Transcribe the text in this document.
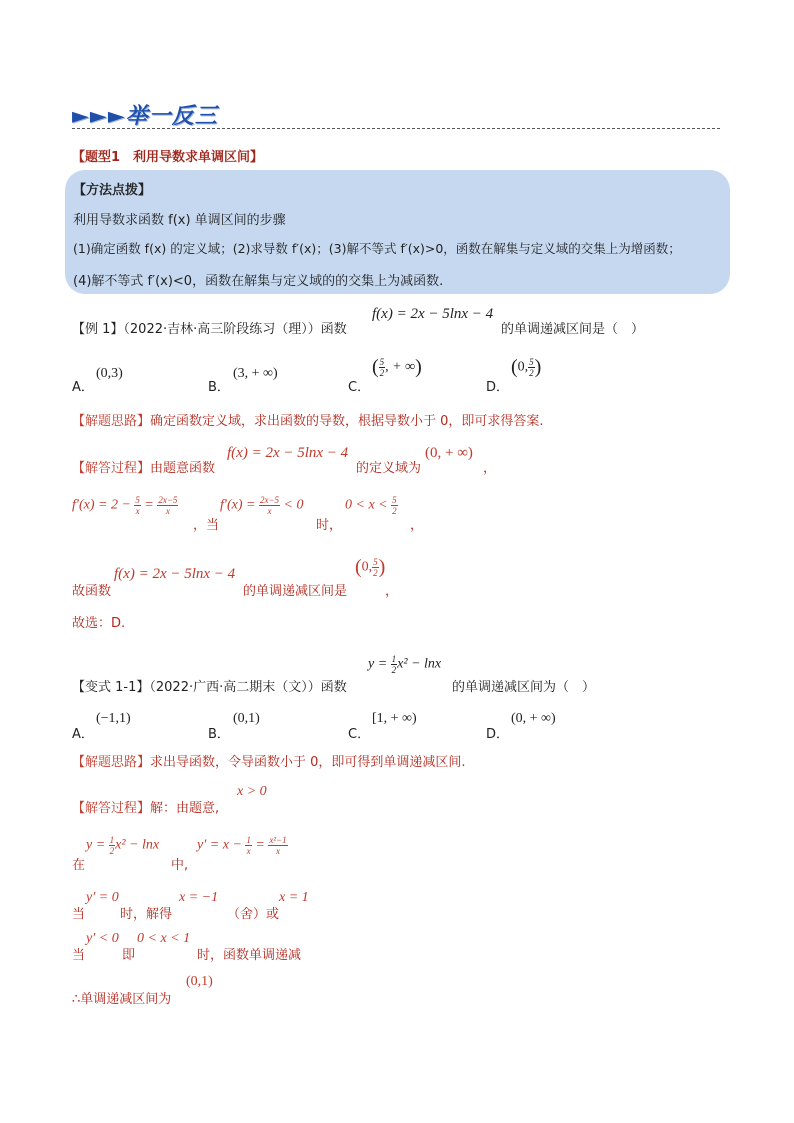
►►►举一反三
【题型1　利用导数求单调区间】
【方法点拨】
利用导数求函数 f(x) 单调区间的步骤
(1)确定函数 f(x) 的定义域；(2)求导数 f′(x)；(3)解不等式 f′(x)>0，函数在解集与定义域的交集上为增函数；
(4)解不等式 f′(x)<0，函数在解集与定义域的的交集上为减函数.
【例 1】（2022·吉林·高三阶段练习（理））函数
f(x) = 2x − 5lnx − 4
的单调递减区间是（　）
A．
(0,3)
B．
(3, + ∞)
C．
( $\frac{5}{2}$ , + ∞)
D．
(0, $\frac{5}{2}$ )
【解题思路】确定函数定义域，求出函数的导数，根据导数小于 0，即可求得答案.
【解答过程】由题意函数
f(x) = 2x − 5lnx − 4
的定义域为
(0, + ∞)
，
$f'(x) = 2 - \frac{5}{x} = \frac{2x-5}{x}$
，当
$f'(x) = \frac{2x-5}{x} < 0$
时，
$0 < x < \frac{5}{2}$
，
故函数
f(x) = 2x − 5lnx − 4
的单调递减区间是
(0, $\frac{5}{2}$ )
，
故选：D.
$y = \frac{1}{2} x^2 - \ln x$
【变式 1-1】（2022·广西·高二期末（文））函数	的单调递减区间为（　）
A．
(−1,1)
B．
(0,1)
C．
[1, + ∞)
D．
(0, + ∞)
【解题思路】求出导函数，令导函数小于 0，即可得到单调递减区间.
【解答过程】解：由题意,
x > 0
$y = \frac{1}{2} x^2 - \ln x$
在	中,
$y' = x - \frac{1}{x} = \frac{\text{x²−1}}{x}$
当
y′ = 0
时，解得
x = −1
（舍）或
x = 1
当
y′ < 0
即
0 < x < 1
时，函数单调递减
∴单调递减区间为
(0,1)
